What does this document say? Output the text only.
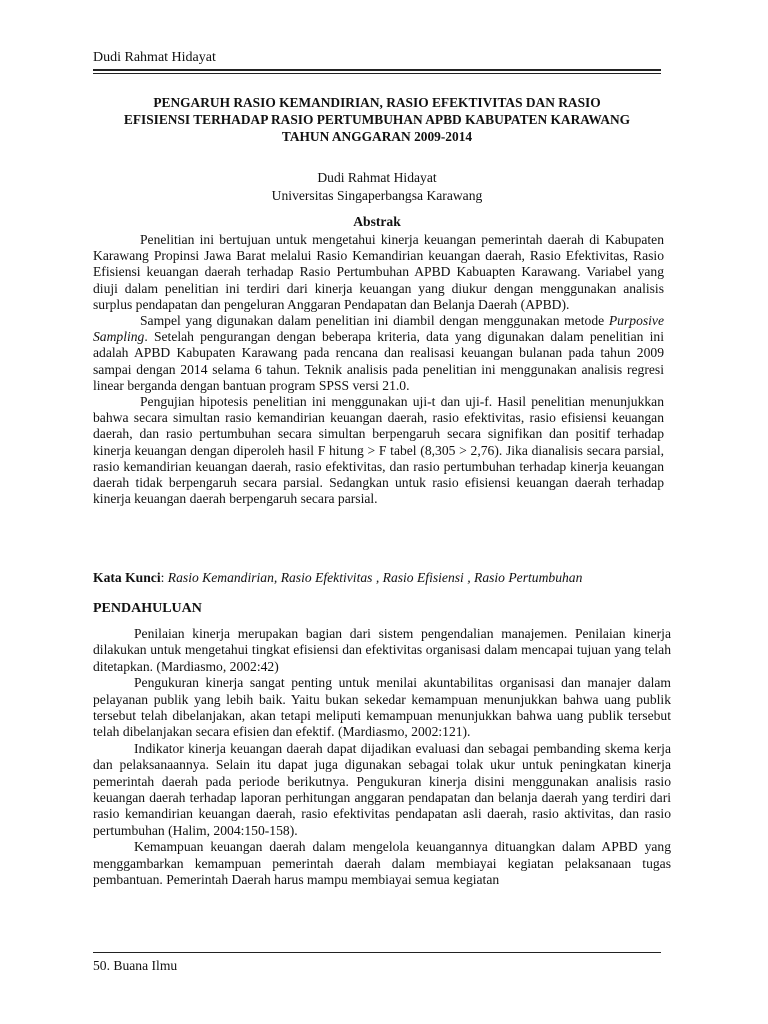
Dudi Rahmat Hidayat
PENGARUH RASIO KEMANDIRIAN, RASIO EFEKTIVITAS DAN RASIO
EFISIENSI TERHADAP RASIO PERTUMBUHAN APBD KABUPATEN KARAWANG
TAHUN ANGGARAN 2009-2014
Dudi Rahmat Hidayat
Universitas Singaperbangsa Karawang
Abstrak

Penelitian ini bertujuan untuk mengetahui kinerja keuangan pemerintah daerah di Kabupaten Karawang Propinsi Jawa Barat melalui Rasio Kemandirian keuangan daerah, Rasio Efektivitas, Rasio Efisiensi keuangan daerah terhadap Rasio Pertumbuhan APBD Kabuapten Karawang. Variabel yang diuji dalam penelitian ini terdiri dari kinerja keuangan yang diukur dengan menggunakan analisis surplus pendapatan dan pengeluran Anggaran Pendapatan dan Belanja Daerah (APBD).

Sampel yang digunakan dalam penelitian ini diambil dengan menggunakan metode Purposive Sampling. Setelah pengurangan dengan beberapa kriteria, data yang digunakan dalam penelitian ini adalah APBD Kabupaten Karawang pada rencana dan realisasi keuangan bulanan pada tahun 2009 sampai dengan 2014 selama 6 tahun. Teknik analisis pada penelitian ini menggunakan analisis regresi linear berganda dengan bantuan program SPSS versi 21.0.

Pengujian hipotesis penelitian ini menggunakan uji-t dan uji-f. Hasil penelitian menunjukkan bahwa secara simultan rasio kemandirian keuangan daerah, rasio efektivitas, rasio efisiensi keuangan daerah, dan rasio pertumbuhan secara simultan berpengaruh secara signifikan dan positif terhadap kinerja keuangan dengan diperoleh hasil F hitung > F tabel (8,305 > 2,76). Jika dianalisis secara parsial, rasio kemandirian keuangan daerah, rasio efektivitas, dan rasio pertumbuhan terhadap kinerja keuangan daerah tidak berpengaruh secara parsial. Sedangkan untuk rasio efisiensi keuangan daerah terhadap kinerja keuangan daerah berpengaruh secara parsial.

Kata Kunci: Rasio Kemandirian, Rasio Efektivitas , Rasio Efisiensi , Rasio Pertumbuhan
PENDAHULUAN

Penilaian kinerja merupakan bagian dari sistem pengendalian manajemen. Penilaian kinerja dilakukan untuk mengetahui tingkat efisiensi dan efektivitas organisasi dalam mencapai tujuan yang telah ditetapkan. (Mardiasmo, 2002:42)

Pengukuran kinerja sangat penting untuk menilai akuntabilitas organisasi dan manajer dalam pelayanan publik yang lebih baik. Yaitu bukan sekedar kemampuan menunjukkan bahwa uang publik tersebut telah dibelanjakan, akan tetapi meliputi kemampuan menunjukkan bahwa uang publik tersebut telah dibelanjakan secara efisien dan efektif. (Mardiasmo, 2002:121).

Indikator kinerja keuangan daerah dapat dijadikan evaluasi dan sebagai pembanding skema kerja dan pelaksanaannya. Selain itu dapat juga digunakan sebagai tolak ukur untuk peningkatan kinerja pemerintah daerah pada periode berikutnya. Pengukuran kinerja disini menggunakan analisis rasio keuangan daerah terhadap laporan perhitungan anggaran pendapatan dan belanja daerah yang terdiri dari rasio kemandirian keuangan daerah, rasio efektivitas pendapatan asli daerah, rasio aktivitas, dan rasio pertumbuhan (Halim, 2004:150-158).

Kemampuan keuangan daerah dalam mengelola keuangannya dituangkan dalam APBD yang menggambarkan kemampuan pemerintah daerah dalam membiayai kegiatan pelaksanaan tugas pembantuan. Pemerintah Daerah harus mampu membiayai semua kegiatan

50. Buana Ilmu
